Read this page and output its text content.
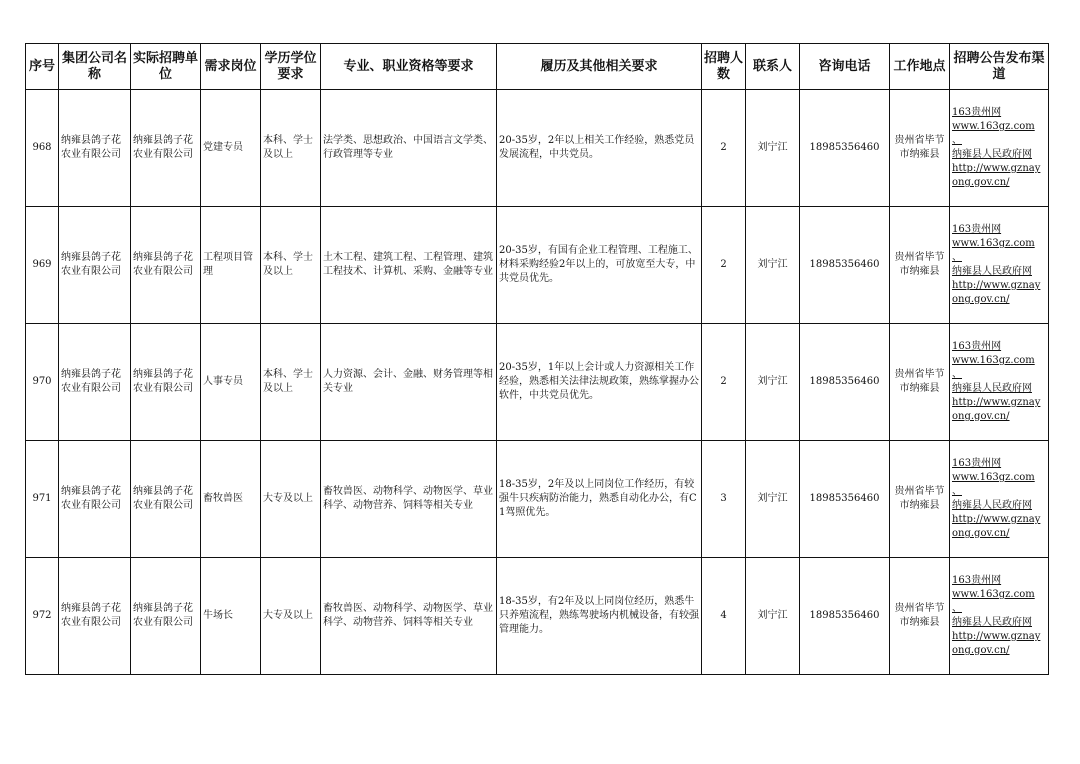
序号	集团公司名称	实际招聘单位	需求岗位	学历学位要求	专业、职业资格等要求	履历及其他相关要求	招聘人数	联系人	咨询电话	工作地点	招聘公告发布渠道
968	纳雍县鸽子花农业有限公司	纳雍县鸽子花农业有限公司	党建专员	本科、学士及以上	法学类、思想政治、中国语言文学类、行政管理等专业	20-35岁，2年以上相关工作经验，熟悉党员发展流程，中共党员。	2	刘宁江	18985356460	贵州省毕节市纳雍县	163贵州网
www.163gz.com
、
纳雍县人民政府网
http://www.gznayong.gov.cn/

969	纳雍县鸽子花农业有限公司	纳雍县鸽子花农业有限公司	工程项目管理	本科、学士及以上	土木工程、建筑工程、工程管理、建筑工程技术、计算机、采购、金融等专业	20-35岁，有国有企业工程管理、工程施工、材料采购经验2年以上的，可放宽至大专，中共党员优先。	2	刘宁江	18985356460	贵州省毕节市纳雍县	163贵州网
www.163gz.com
、
纳雍县人民政府网
http://www.gznayong.gov.cn/

970	纳雍县鸽子花农业有限公司	纳雍县鸽子花农业有限公司	人事专员	本科、学士及以上	人力资源、会计、金融、财务管理等相关专业	20-35岁，1年以上会计或人力资源相关工作经验，熟悉相关法律法规政策，熟练掌握办公软件，中共党员优先。	2	刘宁江	18985356460	贵州省毕节市纳雍县	163贵州网
www.163gz.com
、
纳雍县人民政府网
http://www.gznayong.gov.cn/

971	纳雍县鸽子花农业有限公司	纳雍县鸽子花农业有限公司	畜牧兽医	大专及以上	畜牧兽医、动物科学、动物医学、草业科学、动物营养、饲料等相关专业	18-35岁，2年及以上同岗位工作经历，有较强牛只疾病防治能力，熟悉自动化办公，有C1驾照优先。	3	刘宁江	18985356460	贵州省毕节市纳雍县	163贵州网
www.163gz.com
、
纳雍县人民政府网
http://www.gznayong.gov.cn/

972	纳雍县鸽子花农业有限公司	纳雍县鸽子花农业有限公司	牛场长	大专及以上	畜牧兽医、动物科学、动物医学、草业科学、动物营养、饲料等相关专业	18-35岁，有2年及以上同岗位经历，熟悉牛只养殖流程，熟练驾驶场内机械设备，有较强管理能力。	4	刘宁江	18985356460	贵州省毕节市纳雍县	163贵州网
www.163gz.com
、
纳雍县人民政府网
http://www.gznayong.gov.cn/
